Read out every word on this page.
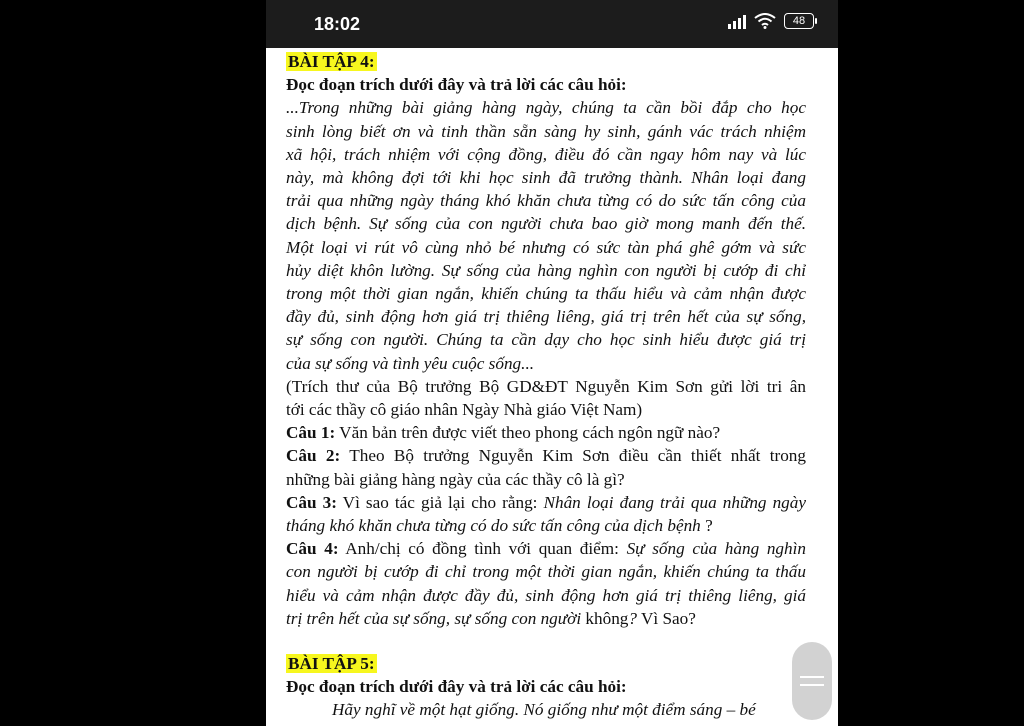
18:02	48

BÀI TẬP 4:

Đọc đoạn trích dưới đây và trả lời các câu hỏi:

...Trong những bài giảng hàng ngày, chúng ta cần bồi đắp cho học

sinh lòng biết ơn và tinh thần sẵn sàng hy sinh, gánh vác trách nhiệm

xã hội, trách nhiệm với cộng đồng, điều đó cần ngay hôm nay và lúc

này, mà không đợi tới khi học sinh đã trưởng thành. Nhân loại đang

trải qua những ngày tháng khó khăn chưa từng có do sức tấn công của

dịch bệnh. Sự sống của con người chưa bao giờ mong manh đến thế.

Một loại vi rút vô cùng nhỏ bé nhưng có sức tàn phá ghê gớm và sức

hủy diệt khôn lường. Sự sống của hàng nghìn con người bị cướp đi chỉ

trong một thời gian ngắn, khiến chúng ta thấu hiểu và cảm nhận được

đầy đủ, sinh động hơn giá trị thiêng liêng, giá trị trên hết của sự sống,

sự sống con người. Chúng ta cần dạy cho học sinh hiểu được giá trị

của sự sống và tình yêu cuộc sống...

(Trích thư của Bộ trưởng Bộ GD&ĐT Nguyễn Kim Sơn gửi lời tri ân

tới các thầy cô giáo nhân Ngày Nhà giáo Việt Nam)

Câu 1: Văn bản trên được viết theo phong cách ngôn ngữ nào?

Câu 2: Theo Bộ trưởng Nguyễn Kim Sơn điều cần thiết nhất trong

những bài giảng hàng ngày của các thầy cô là gì?

Câu 3: Vì sao tác giả lại cho rằng: Nhân loại đang trải qua những ngày

tháng khó khăn chưa từng có do sức tấn công của dịch bệnh ?

Câu 4: Anh/chị có đồng tình với quan điểm: Sự sống của hàng nghìn

con người bị cướp đi chỉ trong một thời gian ngắn, khiến chúng ta thấu

hiểu và cảm nhận được đầy đủ, sinh động hơn giá trị thiêng liêng, giá

trị trên hết của sự sống, sự sống con người không? Vì Sao?

BÀI TẬP 5:

Đọc đoạn trích dưới đây và trả lời các câu hỏi:

Hãy nghĩ về một hạt giống. Nó giống như một điểm sáng – bé
